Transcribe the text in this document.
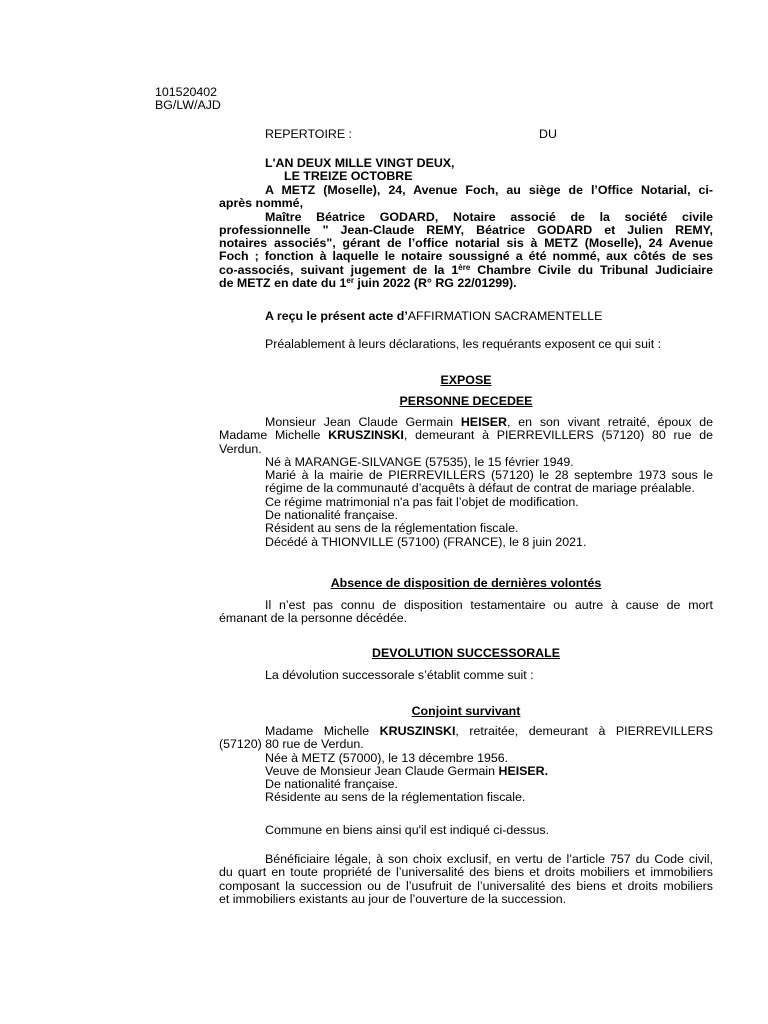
101520402
BG/LW/AJD
REPERTOIRE :	DU
L'AN DEUX MILLE VINGT DEUX,
LE TREIZE OCTOBRE
A METZ (Moselle), 24, Avenue Foch, au siège de l’Office Notarial, ci-
après nommé,
Maître Béatrice GODARD, Notaire associé de la société civile
professionnelle " Jean-Claude REMY, Béatrice GODARD et Julien REMY,
notaires associés", gérant de l’office notarial sis à METZ (Moselle), 24 Avenue
Foch ; fonction à laquelle le notaire soussigné a été nommé, aux côtés de ses
co-associés, suivant jugement de la 1ère Chambre Civile du Tribunal Judiciaire
de METZ en date du 1er juin 2022 (R° RG 22/01299).
A reçu le présent acte d’AFFIRMATION SACRAMENTELLE
Préalablement à leurs déclarations, les requérants exposent ce qui suit :
EXPOSE
PERSONNE DECEDEE
Monsieur Jean Claude Germain HEISER, en son vivant retraité, époux de
Madame Michelle KRUSZINSKI, demeurant à PIERREVILLERS (57120) 80 rue de
Verdun.
Né à MARANGE-SILVANGE (57535), le 15 février 1949.
Marié à la mairie de PIERREVILLERS (57120) le 28 septembre 1973 sous le
régime de la communauté d’acquêts à défaut de contrat de mariage préalable.
Ce régime matrimonial n'a pas fait l’objet de modification.
De nationalité française.
Résident au sens de la réglementation fiscale.
Décédé à THIONVILLE (57100) (FRANCE), le 8 juin 2021.
Absence de disposition de dernières volontés
Il n’est pas connu de disposition testamentaire ou autre à cause de mort
émanant de la personne décédée.
DEVOLUTION SUCCESSORALE
La dévolution successorale s’établit comme suit :
Conjoint survivant
Madame Michelle KRUSZINSKI, retraitée, demeurant à PIERREVILLERS
(57120) 80 rue de Verdun.
Née à METZ (57000), le 13 décembre 1956.
Veuve de Monsieur Jean Claude Germain HEISER.
De nationalité française.
Résidente au sens de la réglementation fiscale.
Commune en biens ainsi qu'il est indiqué ci-dessus.
Bénéficiaire légale, à son choix exclusif, en vertu de l’article 757 du Code civil,
du quart en toute propriété de l’universalité des biens et droits mobiliers et immobiliers
composant la succession ou de l’usufruit de l’universalité des biens et droits mobiliers
et immobiliers existants au jour de l’ouverture de la succession.
